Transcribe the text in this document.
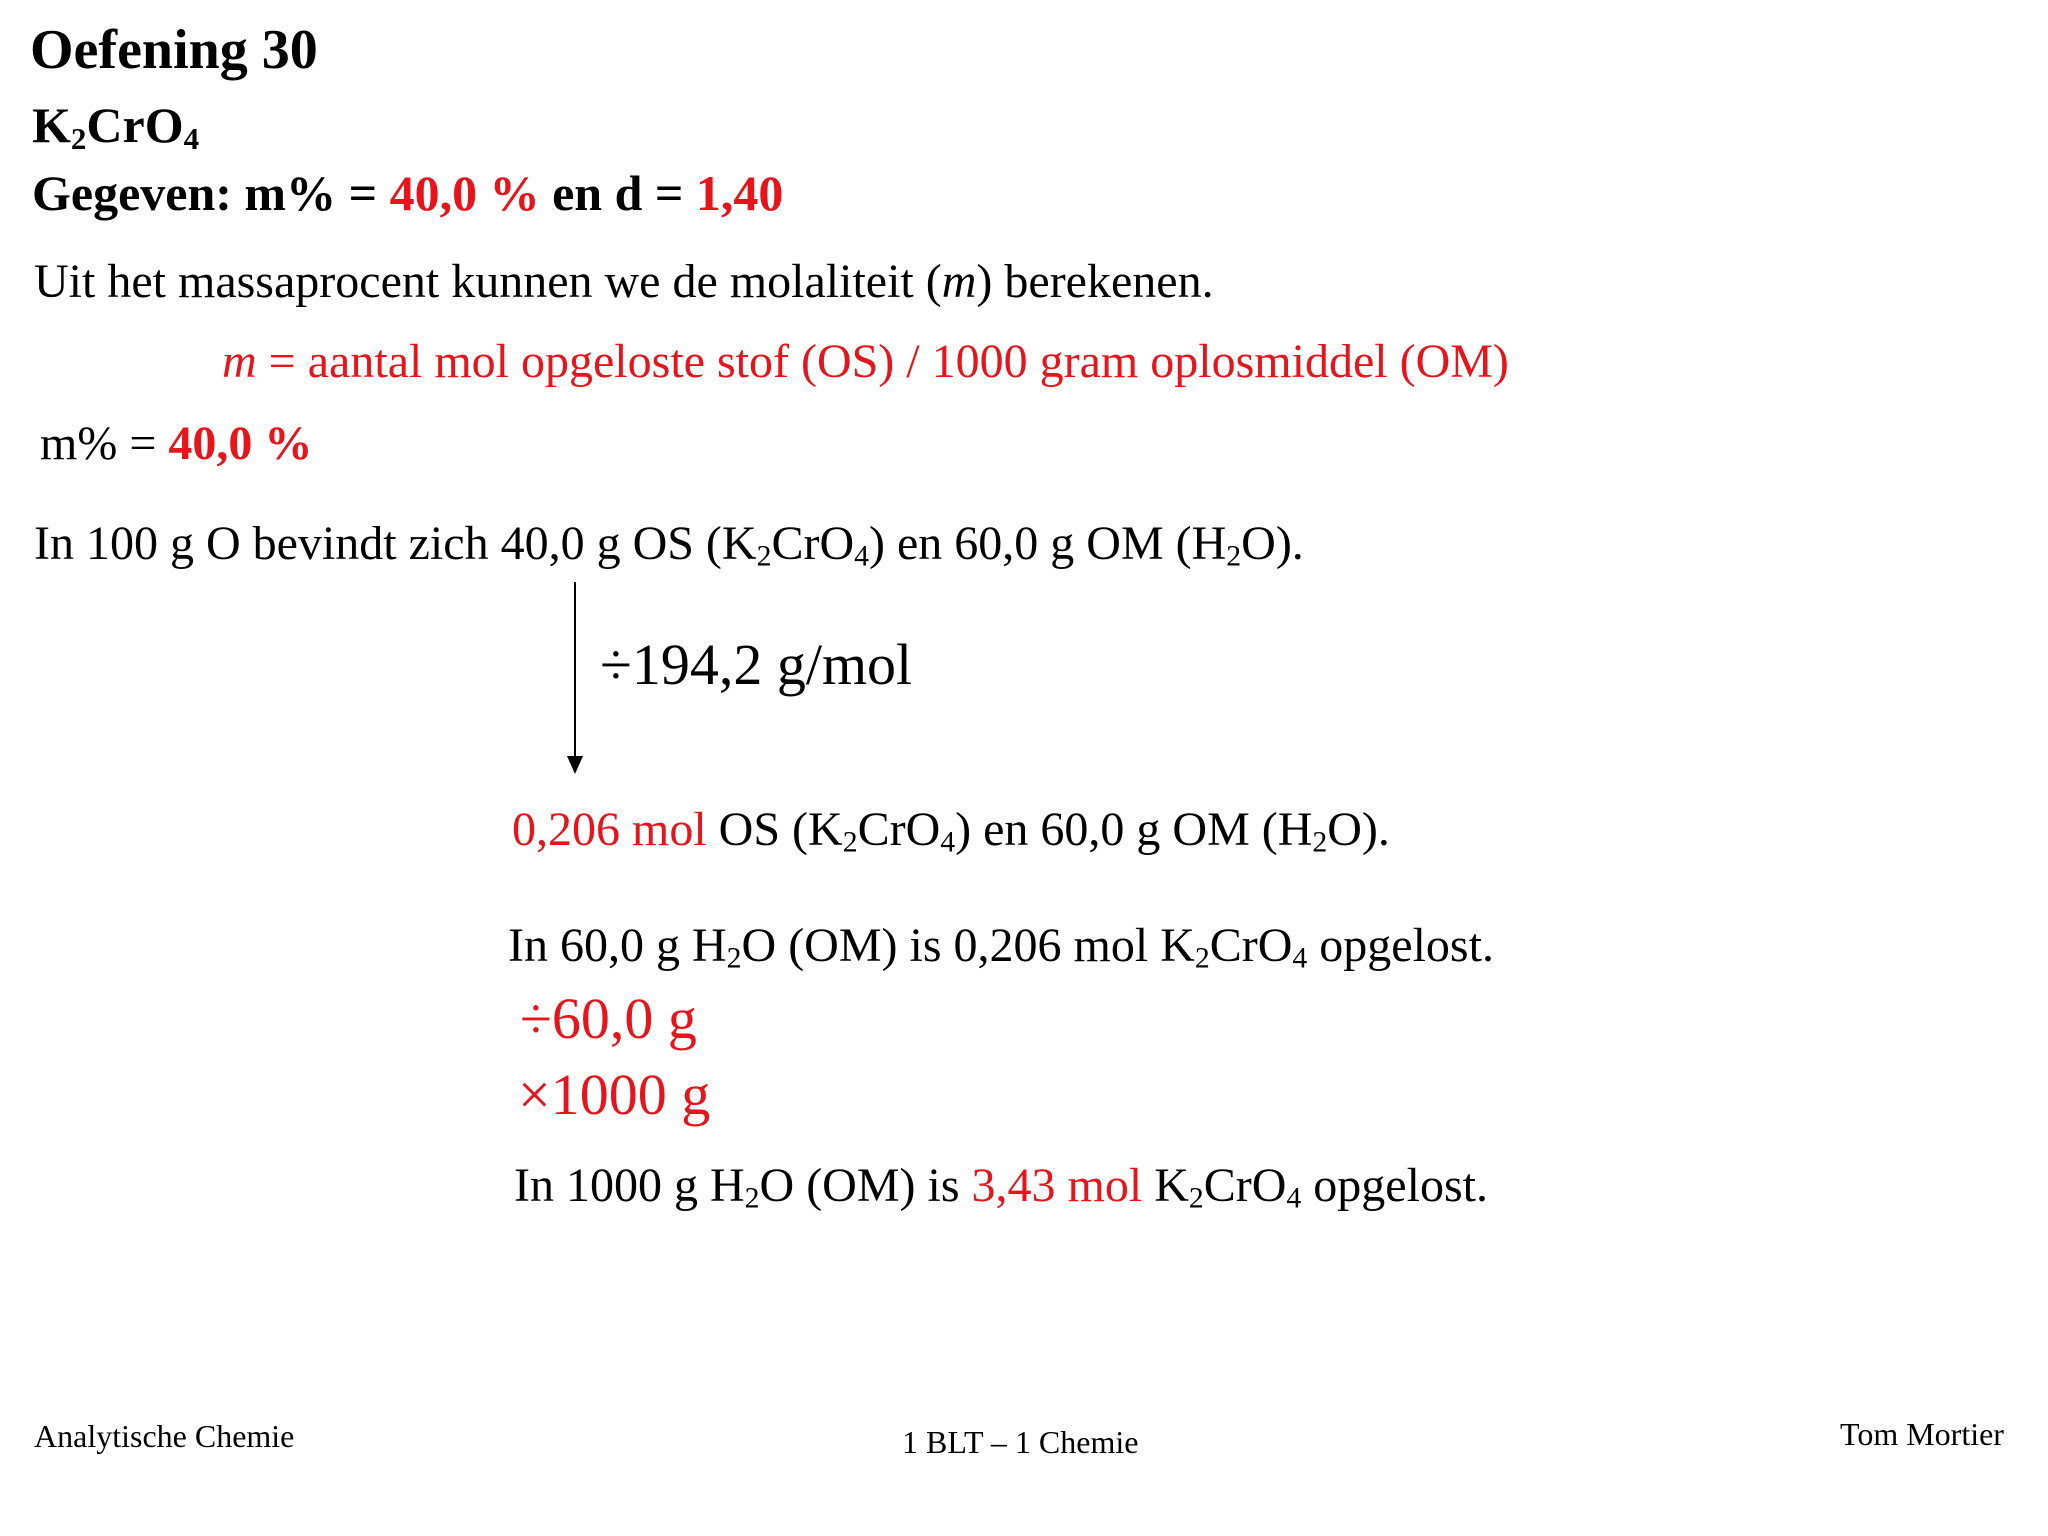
Oefening 30
$K_2CrO_4$
Gegeven: m% = 40,0 % en d = 1,40
Uit het massaprocent kunnen we de molaliteit (m) berekenen.
m = aantal mol opgeloste stof (OS) / 1000 gram oplosmiddel (OM)
m% = 40,0 %
In 100 g O bevindt zich 40,0 g OS $(K_2CrO_4)$ en 60,0 g OM $(H_2O)$.
÷194,2 g/mol
0,206 mol OS $(K_2CrO_4)$ en 60,0 g OM $(H_2O)$.
In 60,0 g $H_2O$ (OM) is 0,206 mol $K_2CrO_4$ opgelost.
÷60,0 g
×1000 g
In 1000 g $H_2O$ (OM) is 3,43 mol $K_2CrO_4$ opgelost.
Analytische Chemie	1 BLT – 1 Chemie	Tom Mortier
